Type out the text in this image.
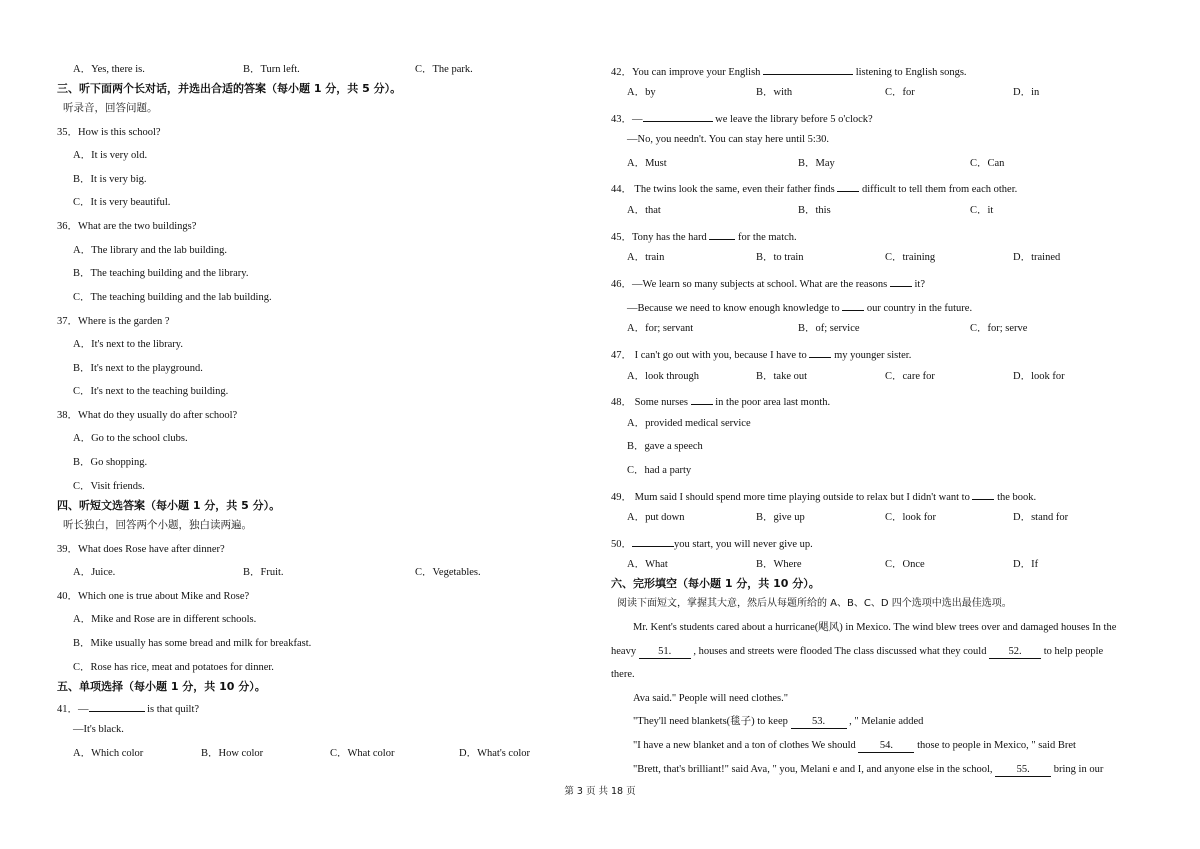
A．Yes, there is.	B．Turn left.	C．The park.
三、听下面两个长对话，并选出合适的答案（每小题 1 分，共 5 分）。
听录音，回答问题。
35．How is this school?
A．It is very old.
B．It is very big.
C．It is very beautiful.
36．What are the two buildings?
A．The library and the lab building.
B．The teaching building and the library.
C．The teaching building and the lab building.
37．Where is the garden ?
A．It's next to the library.
B．It's next to the playground.
C．It's next to the teaching building.
38．What do they usually do after school?
A．Go to the school clubs.
B．Go shopping.
C．Visit friends.
四、听短文选答案（每小题 1 分，共 5 分）。
听长独白，回答两个小题，独白读两遍。
39．What does Rose have after dinner?
A．Juice.	B．Fruit.	C．Vegetables.
40．Which one is true about Mike and Rose?
A．Mike and Rose are in different schools.
B．Mike usually has some bread and milk for breakfast.
C．Rose has rice, meat and potatoes for dinner.
五、单项选择（每小题 1 分，共 10 分）。
41．—	is that quilt?
—It's black.
A．Which color	B．How color	C．What color	D．What's color
42．You can improve your English	listening to English songs.
A．by	B．with	C．for	D．in
43．—	we leave the library before 5 o'clock?
—No, you needn't. You can stay here until 5:30.
A．Must	B．May	C．Can
44． The twins look the same, even their father finds  difficult to tell them from each other.
A．that	B．this	C．it
45．Tony has the hard  for the match.
A．train	B．to train	C．training	D．trained
46．—We learn so many subjects at school. What are the reasons  it?
—Because we need to know enough knowledge to  our country in the future.
A．for; servant	B．of; service	C．for; serve
47． I can't go out with you, because I have to  my younger sister.
A．look through	B．take out	C．care for	D．look for
48． Some nurses  in the poor area last month.
A．provided medical service
B．gave a speech
C．had a party
49． Mum said I should spend more time playing outside to relax but I didn't want to  the book.
A．put down	B．give up	C．look for	D．stand for
50．	you start, you will never give up.
A．What	B．Where	C．Once	D．If
六、完形填空（每小题 1 分，共 10 分）。
阅读下面短文，掌握其大意，然后从每题所给的 A、B、C、D 四个选项中选出最佳选项。
Mr. Kent's students cared about a hurricane(飓风) in Mexico. The wind blew trees over and damaged houses In the
heavy 51. , houses and streets were flooded The class discussed what they could 52. to help people
there.
Ava said." People will need clothes."
"They'll need blankets(毯子) to keep 53. , " Melanie added
"I have a new blanket and a ton of clothes We should 54. those to people in Mexico, " said Bret
"Brett, that's brilliant!" said Ava, " you, Melani e and I, and anyone else in the school, 55. bring in our
第 3 页 共 18 页
